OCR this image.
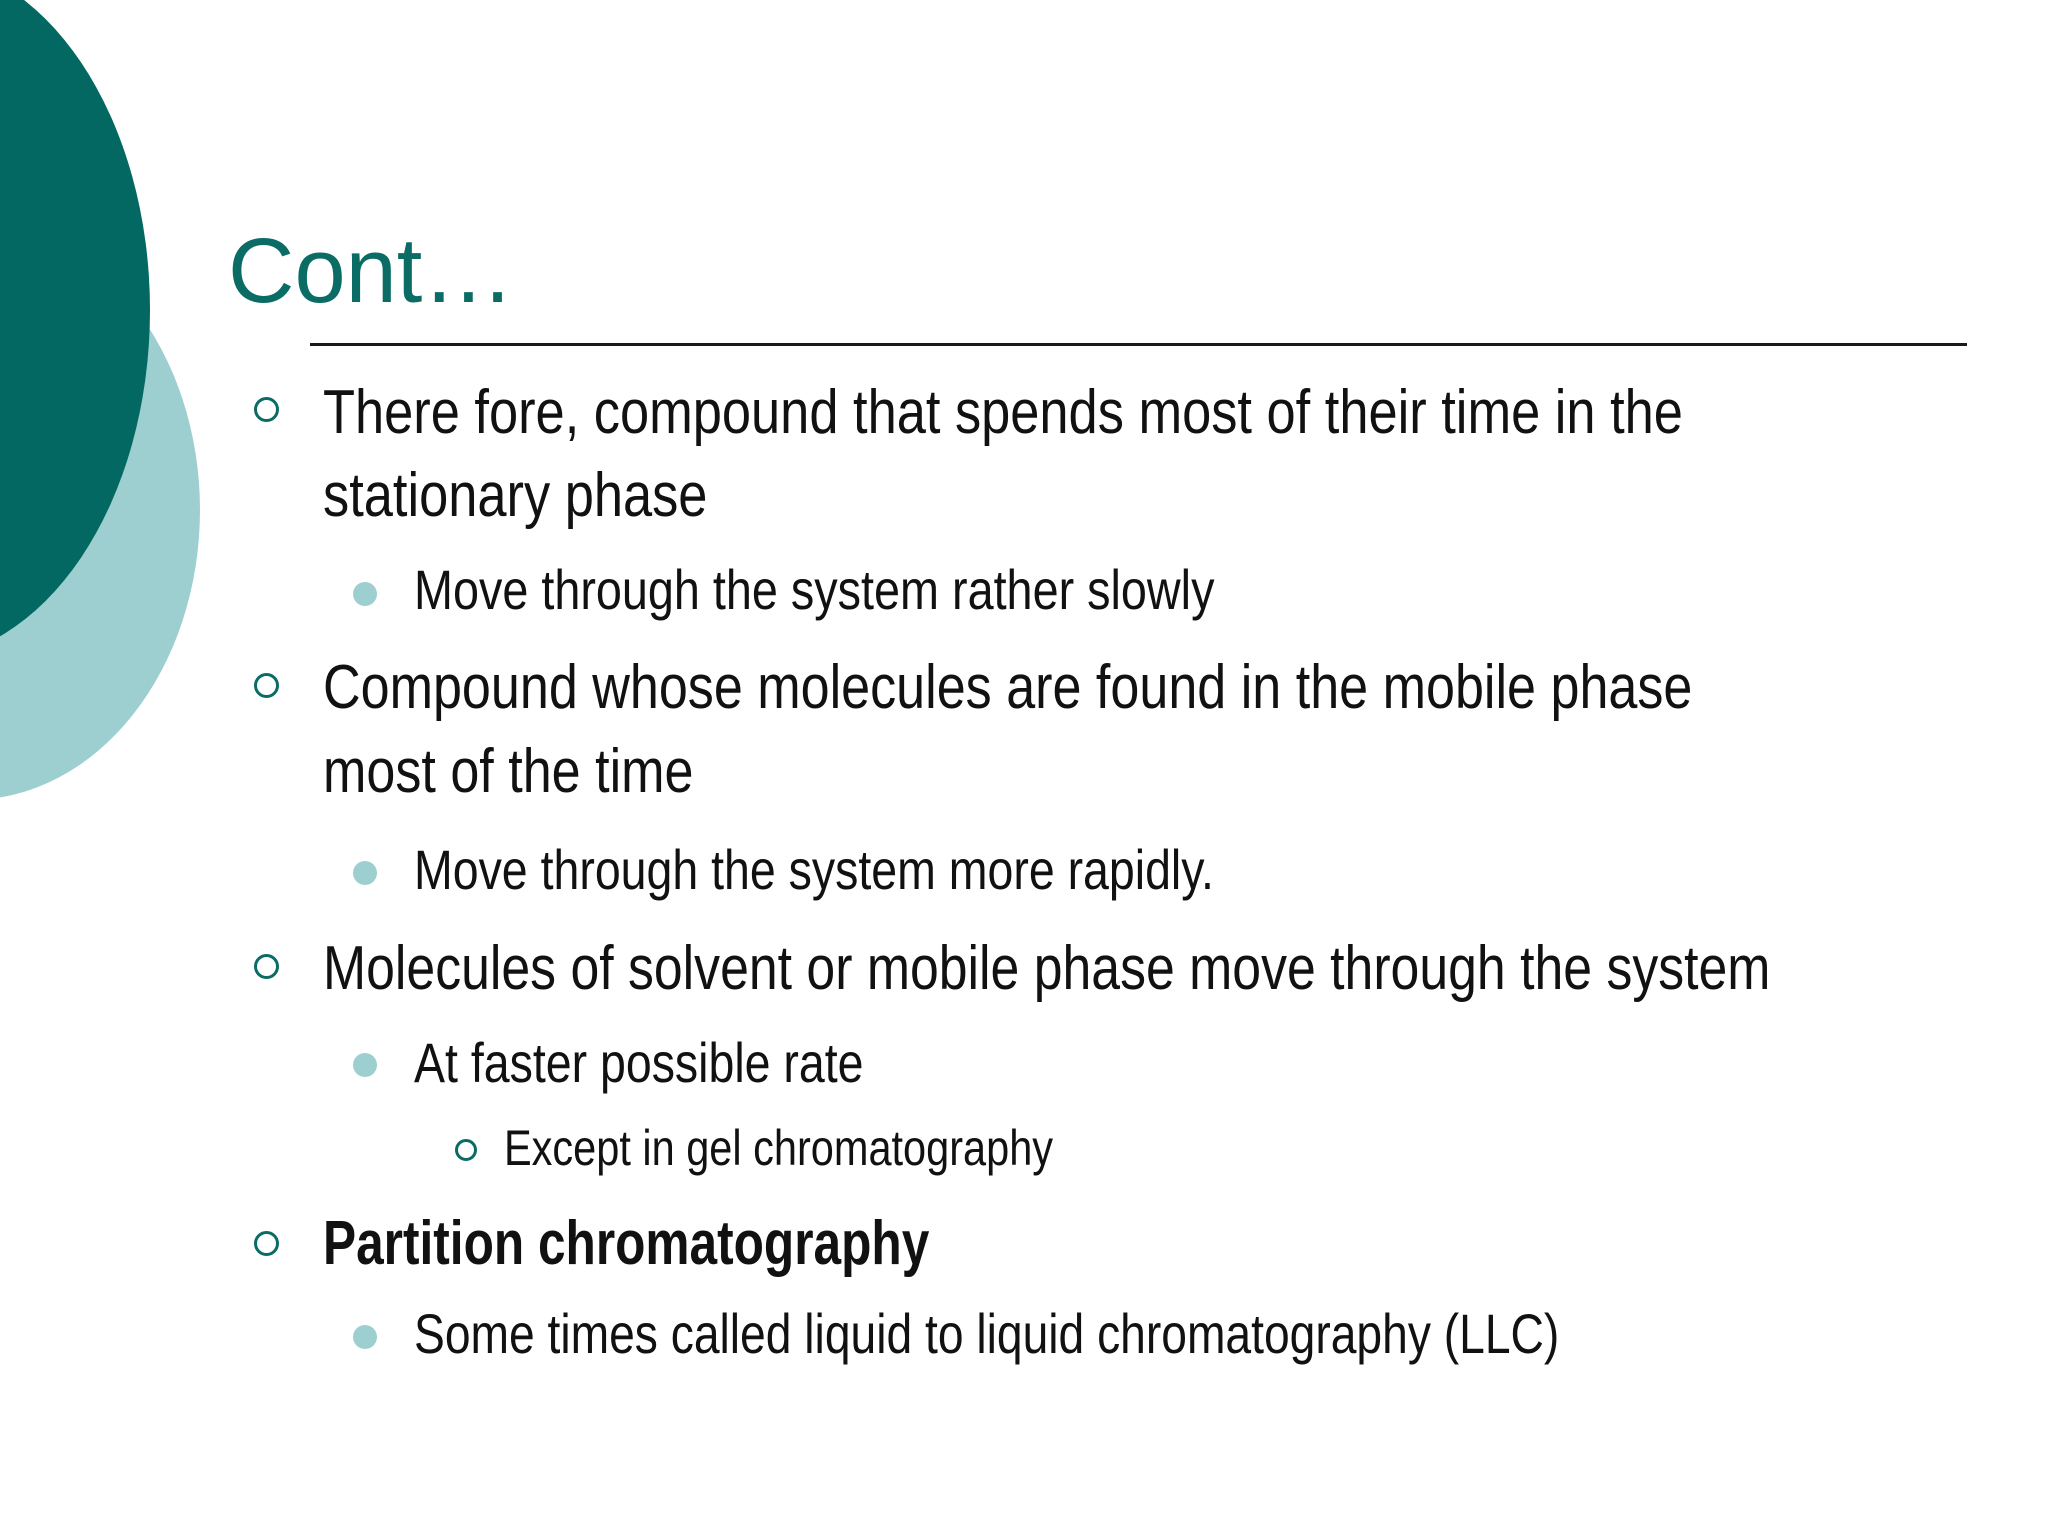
Cont…
There fore, compound that spends most of their time in the
stationary phase
Move through the system rather slowly
Compound whose molecules are found in the mobile phase
most of the time
Move through the system more rapidly.
Molecules of solvent or mobile phase move through the system
At faster possible rate
Except in gel chromatography
Partition chromatography
Some times called liquid to liquid chromatography (LLC)
